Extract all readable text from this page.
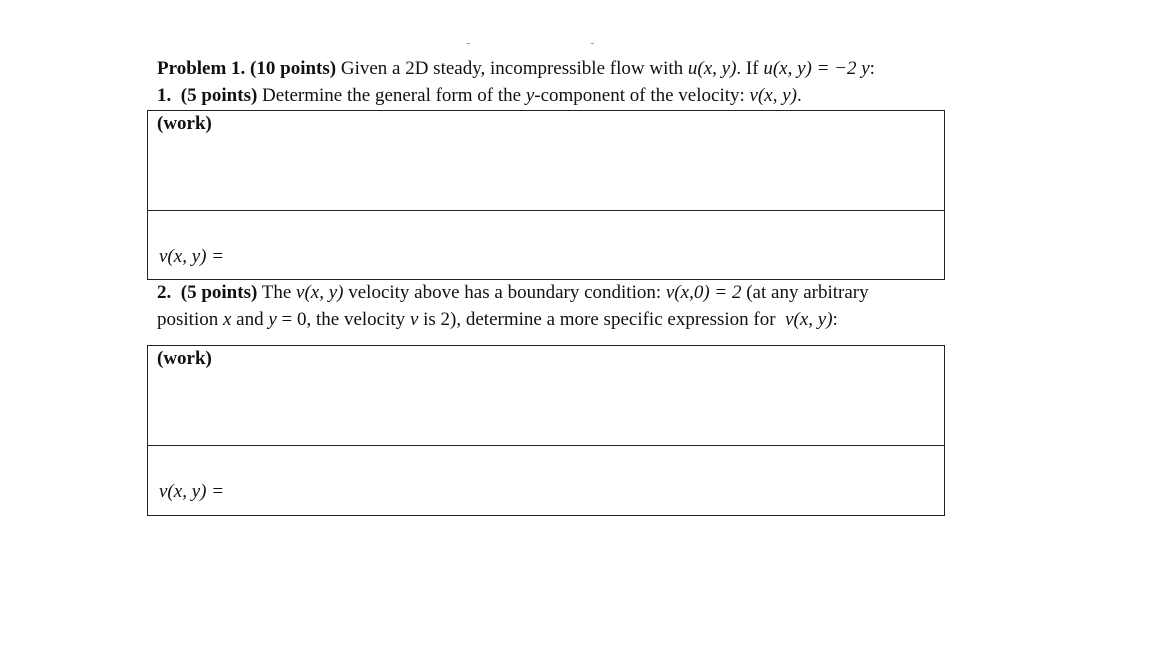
Problem 1. (10 points) Given a 2D steady, incompressible flow with u(x, y). If u(x, y) = −2 y:
1. (5 points) Determine the general form of the y-component of the velocity: v(x, y).
(work)
v(x, y) =
2. (5 points) The v(x, y) velocity above has a boundary condition: v(x,0) = 2 (at any arbitrary
position x and y = 0, the velocity v is 2), determine a more specific expression for v(x, y):
(work)
v(x, y) =
